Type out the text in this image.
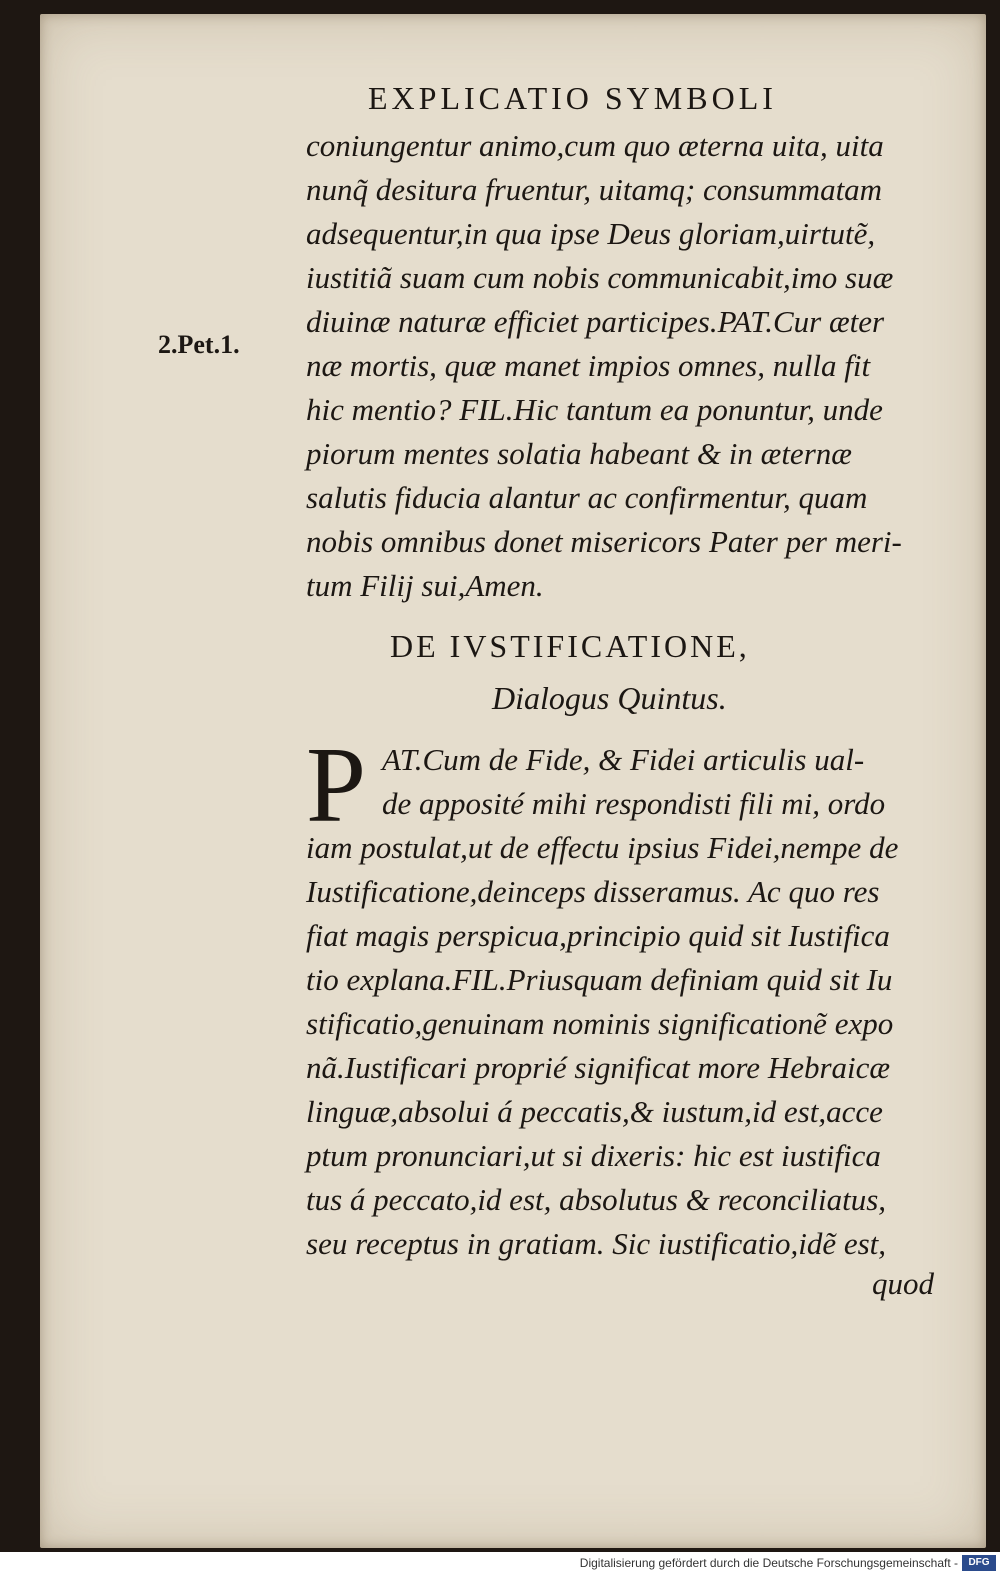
EXPLICATIO SYMBOLI
2.Pet.1.
coniungentur animo,cum quo æterna uita, uita
nunq̃ desitura fruentur, uitamq; consummatam
adsequentur,in qua ipse Deus gloriam,uirtutẽ,
iustitiã suam cum nobis communicabit,imo suæ
diuinæ naturæ efficiet participes.PAT.Cur æter
næ mortis, quæ manet impios omnes, nulla fit
hic mentio? FIL.Hic tantum ea ponuntur, unde
piorum mentes solatia habeant & in æternæ
salutis fiducia alantur ac confirmentur, quam
nobis omnibus donet misericors Pater per meri-
tum Filij sui,Amen.
DE IVSTIFICATIONE,
Dialogus Quintus.
P AT.Cum de Fide, & Fidei articulis ual-
de apposité mihi respondisti fili mi, ordo
iam postulat,ut de effectu ipsius Fidei,nempe de
Iustificatione,deinceps disseramus. Ac quo res
fiat magis perspicua,principio quid sit Iustifica
tio explana.FIL.Priusquam definiam quid sit Iu
stificatio,genuinam nominis significationẽ expo
nã.Iustificari proprié significat more Hebraicæ
linguæ,absolui á peccatis,& iustum,id est,acce
ptum pronunciari,ut si dixeris: hic est iustifica
tus á peccato,id est, absolutus & reconciliatus,
seu receptus in gratiam. Sic iustificatio,idẽ est,
quod
Digitalisierung gefördert durch die Deutsche Forschungsgemeinschaft -	DFG
